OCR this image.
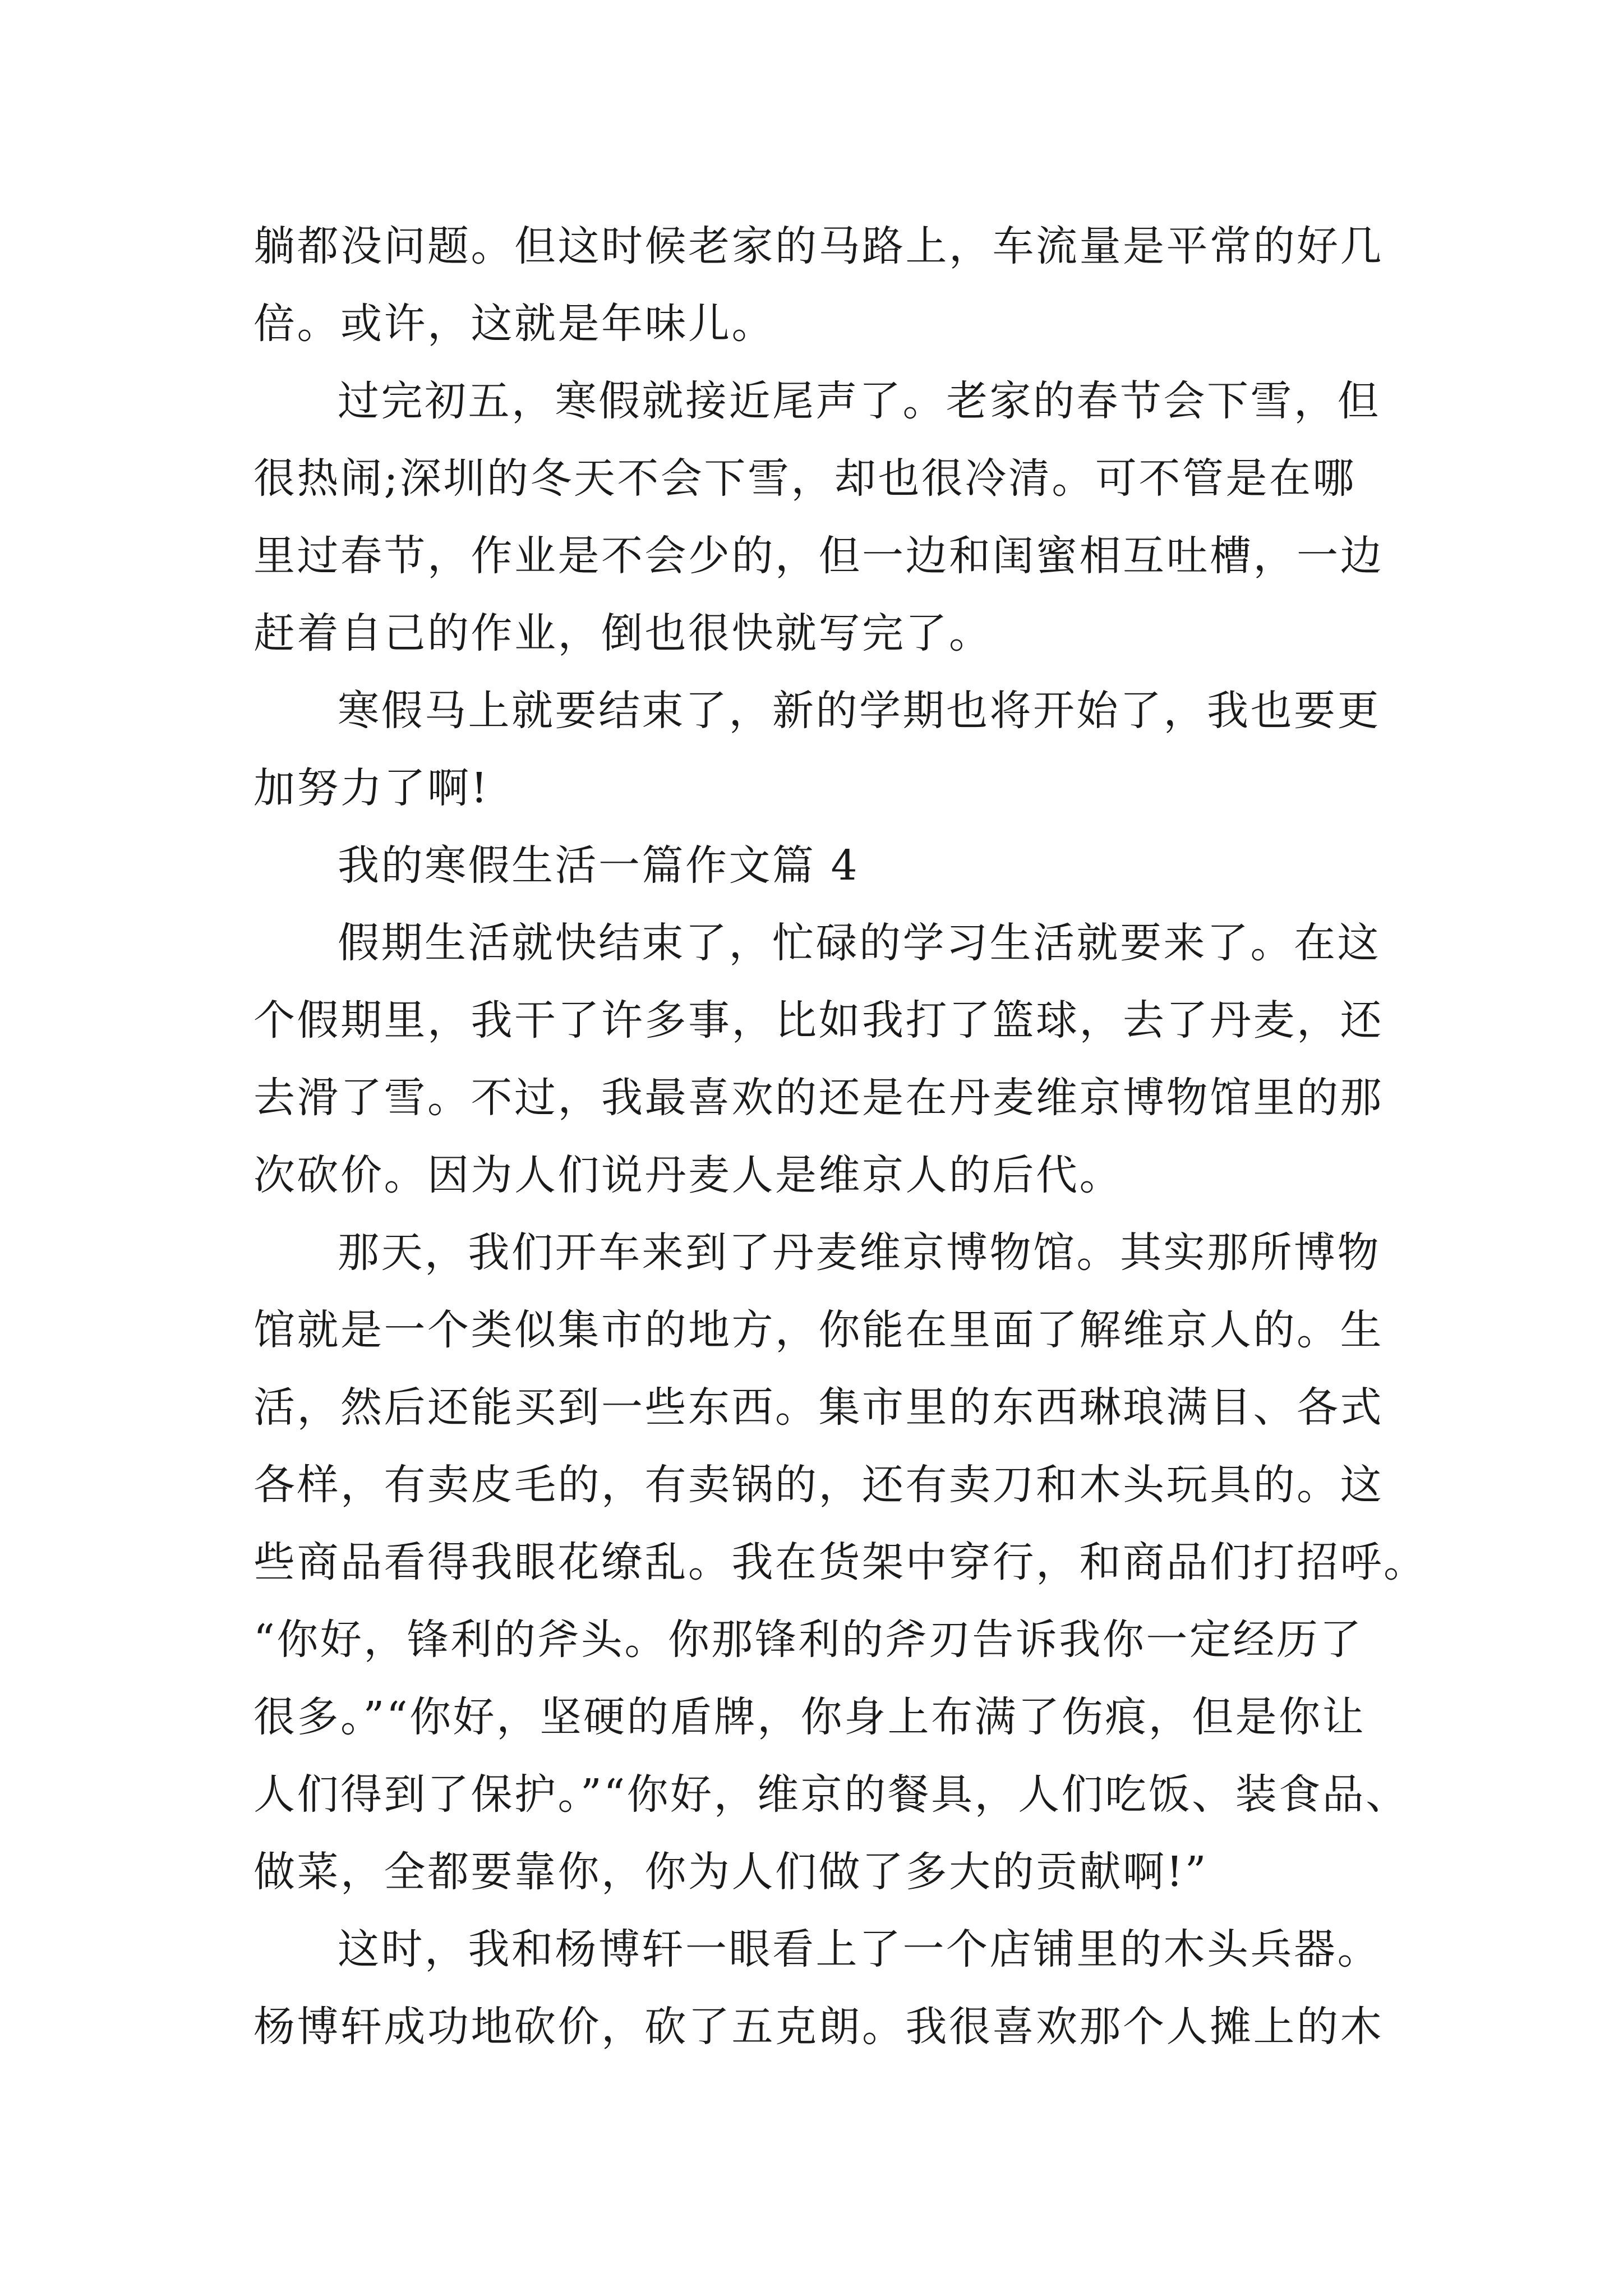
躺都没问题。但这时候老家的马路上，车流量是平常的好几
倍。或许，这就是年味儿。
过完初五，寒假就接近尾声了。老家的春节会下雪，但
很热闹;深圳的冬天不会下雪，却也很冷清。可不管是在哪
里过春节，作业是不会少的，但一边和闺蜜相互吐槽，一边
赶着自己的作业，倒也很快就写完了。
寒假马上就要结束了，新的学期也将开始了，我也要更
加努力了啊!
我的寒假生活一篇作文篇 4
假期生活就快结束了，忙碌的学习生活就要来了。在这
个假期里，我干了许多事，比如我打了篮球，去了丹麦，还
去滑了雪。不过，我最喜欢的还是在丹麦维京博物馆里的那
次砍价。因为人们说丹麦人是维京人的后代。
那天，我们开车来到了丹麦维京博物馆。其实那所博物
馆就是一个类似集市的地方，你能在里面了解维京人的。生
活，然后还能买到一些东西。集市里的东西琳琅满目、各式
各样，有卖皮毛的，有卖锅的，还有卖刀和木头玩具的。这
些商品看得我眼花缭乱。我在货架中穿行，和商品们打招呼。
“你好，锋利的斧头。你那锋利的斧刃告诉我你一定经历了
很多。”“你好，坚硬的盾牌，你身上布满了伤痕，但是你让
人们得到了保护。”“你好，维京的餐具，人们吃饭、装食品、
做菜，全都要靠你，你为人们做了多大的贡献啊!”
这时，我和杨博轩一眼看上了一个店铺里的木头兵器。
杨博轩成功地砍价，砍了五克朗。我很喜欢那个人摊上的木
